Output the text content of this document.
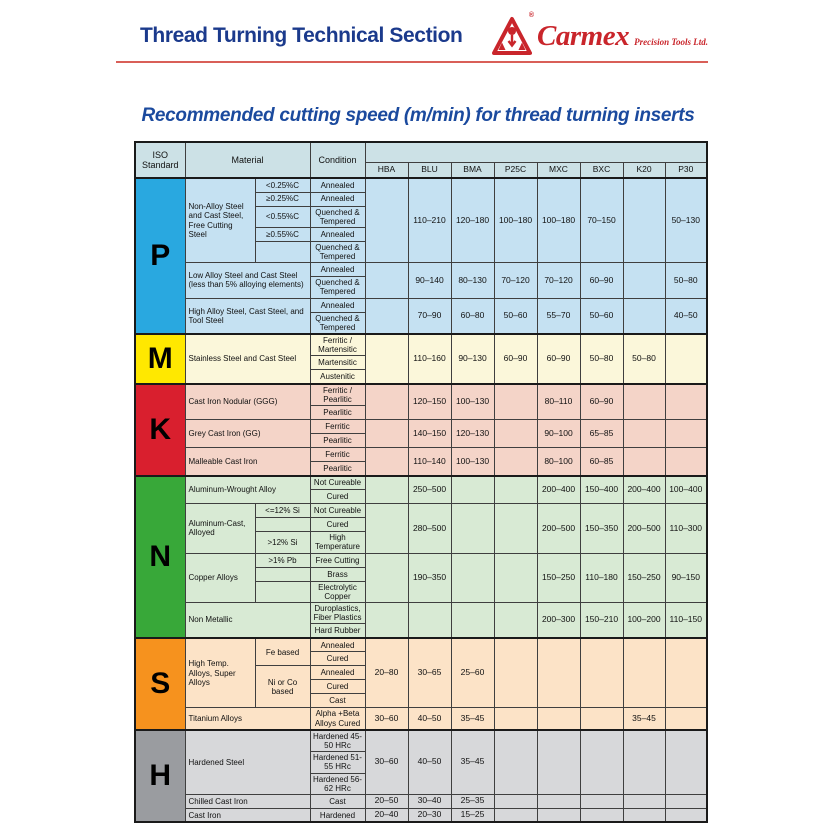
Thread Turning Technical Section
®
Carmex Precision Tools Ltd.
Recommended cutting speed (m/min) for thread turning inserts
ISO Standard	Material		Condition								
				HBA	BLU	BMA	P25C	MXC	BXC	K20	P30
P	Non-Alloy Steel and Cast Steel, Free Cutting Steel	<0.25%C	Annealed		110–210	120–180	100–180	100–180	70–150		50–130
		≥0.25%C	Annealed								
		<0.55%C	Quenched & Tempered								
		≥0.55%C	Annealed								
			Quenched & Tempered								
	Low Alloy Steel and Cast Steel (less than 5% alloying elements)		Annealed		90–140	80–130	70–120	70–120	60–90		50–80
			Quenched & Tempered								
	High Alloy Steel, Cast Steel, and Tool Steel		Annealed		70–90	60–80	50–60	55–70	50–60		40–50
			Quenched & Tempered								
M	Stainless Steel and Cast Steel		Ferritic / Martensitic		110–160	90–130	60–90	60–90	50–80	50–80	
			Martensitic								
			Austenitic								
K	Cast Iron Nodular (GGG)		Ferritic / Pearlitic		120–150	100–130		80–110	60–90		
			Pearlitic								
	Grey Cast Iron (GG)		Ferritic		140–150	120–130		90–100	65–85		
			Pearlitic								
	Malleable Cast Iron		Ferritic		110–140	100–130		80–100	60–85		
			Pearlitic								
N	Aluminum-Wrought Alloy		Not Cureable		250–500			200–400	150–400	200–400	100–400
			Cured								
	Aluminum-Cast, Alloyed	<=12% Si	Not Cureable		280–500			200–500	150–350	200–500	110–300
			Cured								
		>12% Si	High Temperature								
	Copper Alloys	>1% Pb	Free Cutting		190–350			150–250	110–180	150–250	90–150
			Brass								
			Electrolytic Copper								
	Non Metallic		Duroplastics, Fiber Plastics					200–300	150–210	100–200	110–150
			Hard Rubber								
S	High Temp. Alloys, Super Alloys	Fe based	Annealed	20–80	30–65	25–60					
			Cured								
		Ni or Co based	Annealed								
			Cured								
			Cast								
	Titanium Alloys		Alpha +Beta Alloys Cured	30–60	40–50	35–45				35–45	
H	Hardened Steel		Hardened 45-50 HRc	30–60	40–50	35–45					
			Hardened 51-55 HRc								
			Hardened 56-62 HRc								
	Chilled Cast Iron		Cast	20–50	30–40	25–35					
	Cast Iron		Hardened	20–40	20–30	15–25					
